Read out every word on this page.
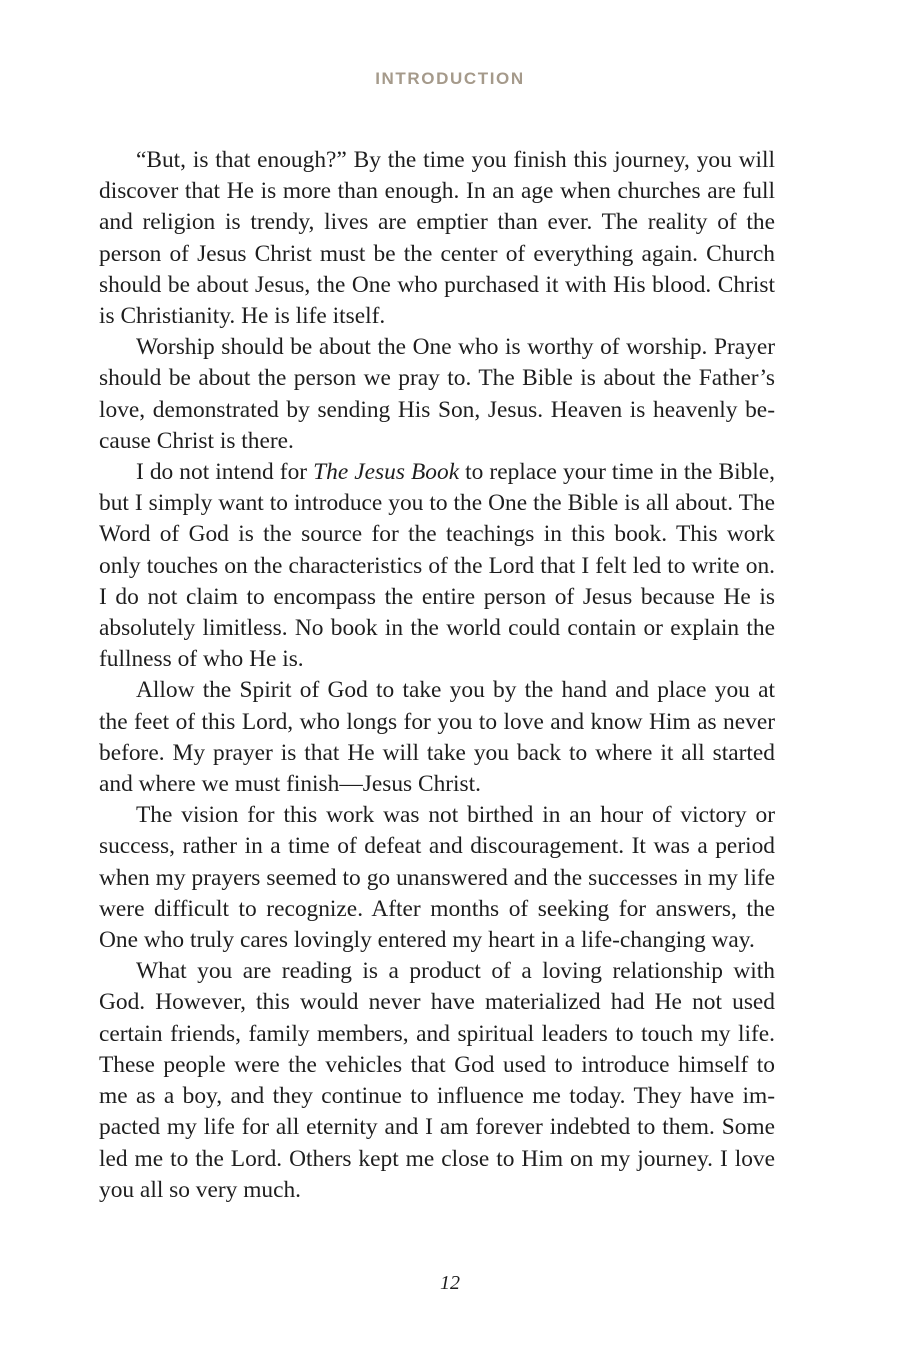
INTRODUCTION

“But, is that enough?” By the time you finish this journey, you will discover that He is more than enough. In an age when churches are full and religion is trendy, lives are emptier than ever. The reality of the person of Jesus Christ must be the center of everything again. Church should be about Jesus, the One who purchased it with His blood. Christ is Christianity. He is life itself.

Worship should be about the One who is worthy of worship. Prayer should be about the person we pray to. The Bible is about the Father’s love, demonstrated by sending His Son, Jesus. Heaven is heavenly because Christ is there.

I do not intend for The Jesus Book to replace your time in the Bible, but I simply want to introduce you to the One the Bible is all about. The Word of God is the source for the teachings in this book. This work only touches on the characteristics of the Lord that I felt led to write on. I do not claim to encompass the entire person of Jesus because He is absolutely limitless. No book in the world could contain or explain the fullness of who He is.

Allow the Spirit of God to take you by the hand and place you at the feet of this Lord, who longs for you to love and know Him as never before. My prayer is that He will take you back to where it all started and where we must finish—Jesus Christ.

The vision for this work was not birthed in an hour of victory or success, rather in a time of defeat and discouragement. It was a period when my prayers seemed to go unanswered and the successes in my life were difficult to recognize. After months of seeking for answers, the One who truly cares lovingly entered my heart in a life-changing way.

What you are reading is a product of a loving relationship with God. However, this would never have materialized had He not used certain friends, family members, and spiritual leaders to touch my life. These people were the vehicles that God used to introduce himself to me as a boy, and they continue to influence me today. They have impacted my life for all eternity and I am forever indebted to them. Some led me to the Lord. Others kept me close to Him on my journey. I love you all so very much.

12
